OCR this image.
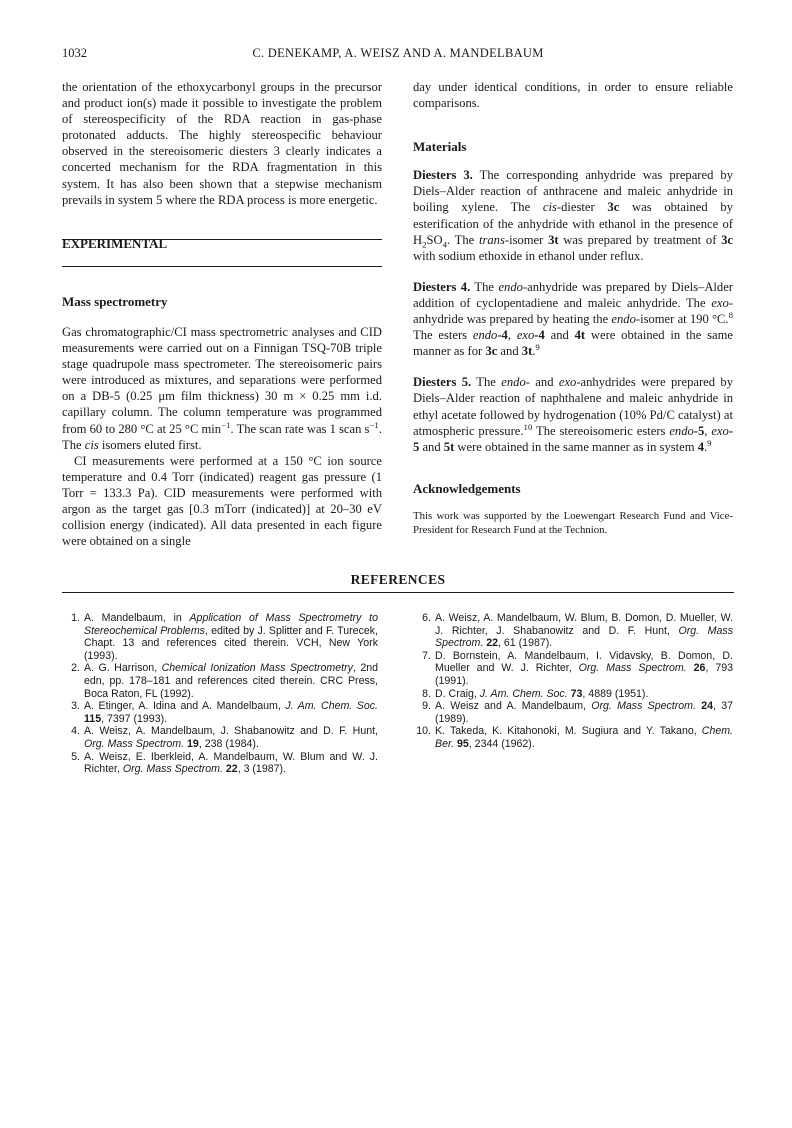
1032	C. DENEKAMP, A. WEISZ AND A. MANDELBAUM

the orientation of the ethoxycarbonyl groups in the precursor and product ion(s) made it possible to investigate the problem of stereospecificity of the RDA reaction in gas-phase protonated adducts. The highly stereospecific behaviour observed in the stereoisomeric diesters 3 clearly indicates a concerted mechanism for the RDA fragmentation in this system. It has also been shown that a stepwise mechanism prevails in system 5 where the RDA process is more energetic.

EXPERIMENTAL
Mass spectrometry

Gas chromatographic/CI mass spectrometric analyses and CID measurements were carried out on a Finnigan TSQ-70B triple stage quadrupole mass spectrometer. The stereoisomeric pairs were introduced as mixtures, and separations were performed on a DB-5 (0.25 μm film thickness) 30 m × 0.25 mm i.d. capillary column. The column temperature was programmed from 60 to 280 °C at 25 °C $\min^{-1}$. The scan rate was 1 scan $s^{-1}$. The cis isomers eluted first.

CI measurements were performed at a 150 °C ion source temperature and 0.4 Torr (indicated) reagent gas pressure (1 Torr = 133.3 Pa). CID measurements were performed with argon as the target gas [0.3 mTorr (indicated)] at 20–30 eV collision energy (indicated). All data presented in each figure were obtained on a single

day under identical conditions, in order to ensure reliable comparisons.

Materials

Diesters 3. The corresponding anhydride was prepared by Diels–Alder reaction of anthracene and maleic anhydride in boiling xylene. The cis-diester 3c was obtained by esterification of the anhydride with ethanol in the presence of $H_2SO_4$. The trans-isomer 3t was prepared by treatment of 3c with sodium ethoxide in ethanol under reflux.

Diesters 4. The endo-anhydride was prepared by Diels–Alder addition of cyclopentadiene and maleic anhydride. The exo-anhydride was prepared by heating the endo-isomer at 190 °C.$^8$ The esters endo-4, exo-4 and 4t were obtained in the same manner as for 3c and 3t.$^9$

Diesters 5. The endo- and exo-anhydrides were prepared by Diels–Alder reaction of naphthalene and maleic anhydride in ethyl acetate followed by hydrogenation (10% Pd/C catalyst) at atmospheric pressure.$^{10}$ The stereoisomeric esters endo-5, exo-5 and 5t were obtained in the same manner as in system 4.$^9$

Acknowledgements

This work was supported by the Loewengart Research Fund and Vice-President for Research Fund at the Technion.

REFERENCES
1. A. Mandelbaum, in Application of Mass Spectrometry to Stereochemical Problems, edited by J. Splitter and F. Turecek, Chapt. 13 and references cited therein. VCH, New York (1993).
2. A. G. Harrison, Chemical Ionization Mass Spectrometry, 2nd edn, pp. 178–181 and references cited therein. CRC Press, Boca Raton, FL (1992).
3. A. Etinger, A. Idina and A. Mandelbaum, J. Am. Chem. Soc. 115, 7397 (1993).
4. A. Weisz, A. Mandelbaum, J. Shabanowitz and D. F. Hunt, Org. Mass Spectrom. 19, 238 (1984).
5. A. Weisz, E. Iberkleid, A. Mandelbaum, W. Blum and W. J. Richter, Org. Mass Spectrom. 22, 3 (1987).
6. A. Weisz, A. Mandelbaum, W. Blum, B. Domon, D. Mueller, W. J. Richter, J. Shabanowitz and D. F. Hunt, Org. Mass Spectrom. 22, 61 (1987).
7. D. Bornstein, A. Mandelbaum, I. Vidavsky, B. Domon, D. Mueller and W. J. Richter, Org. Mass Spectrom. 26, 793 (1991).
8. D. Craig, J. Am. Chem. Soc. 73, 4889 (1951).
9. A. Weisz and A. Mandelbaum, Org. Mass Spectrom. 24, 37 (1989).
10. K. Takeda, K. Kitahonoki, M. Sugiura and Y. Takano, Chem. Ber. 95, 2344 (1962).
